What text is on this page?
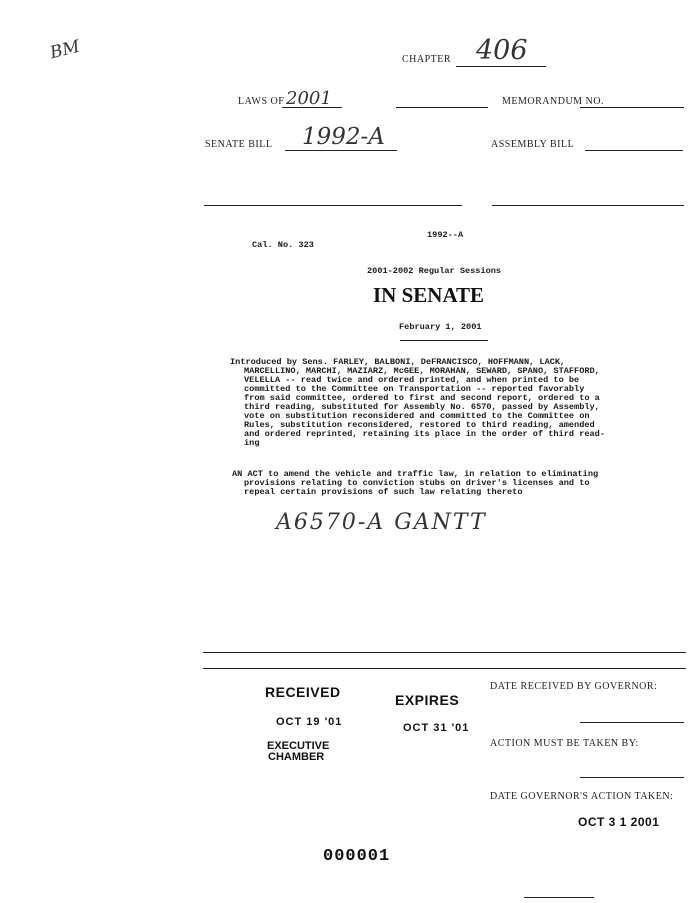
BM	CHAPTER 406
LAWS OF 2001	MEMORANDUM NO.
SENATE BILL 1992-A	ASSEMBLY BILL
1992--A
Cal. No. 323
2001-2002 Regular Sessions
IN SENATE
February 1, 2001
Introduced by Sens. FARLEY, BALBONI, DeFRANCISCO, HOFFMANN, LACK,
MARCELLINO, MARCHI, MAZIARZ, McGEE, MORAHAN, SEWARD, SPANO, STAFFORD,
VELELLA -- read twice and ordered printed, and when printed to be
committed to the Committee on Transportation -- reported favorably
from said committee, ordered to first and second report, ordered to a
third reading, substituted for Assembly No. 6570, passed by Assembly,
vote on substitution reconsidered and committed to the Committee on
Rules, substitution reconsidered, restored to third reading, amended
and ordered reprinted, retaining its place in the order of third read-
ing
AN ACT to amend the vehicle and traffic law, in relation to eliminating
provisions relating to conviction stubs on driver's licenses and to
repeal certain provisions of such law relating thereto
A6570-A GANTT
RECEIVED
OCT 19 '01
EXECUTIVE
CHAMBER
EXPIRES
OCT 31 '01
DATE RECEIVED BY GOVERNOR:
ACTION MUST BE TAKEN BY:
DATE GOVERNOR'S ACTION TAKEN:
OCT 3 1 2001
000001
